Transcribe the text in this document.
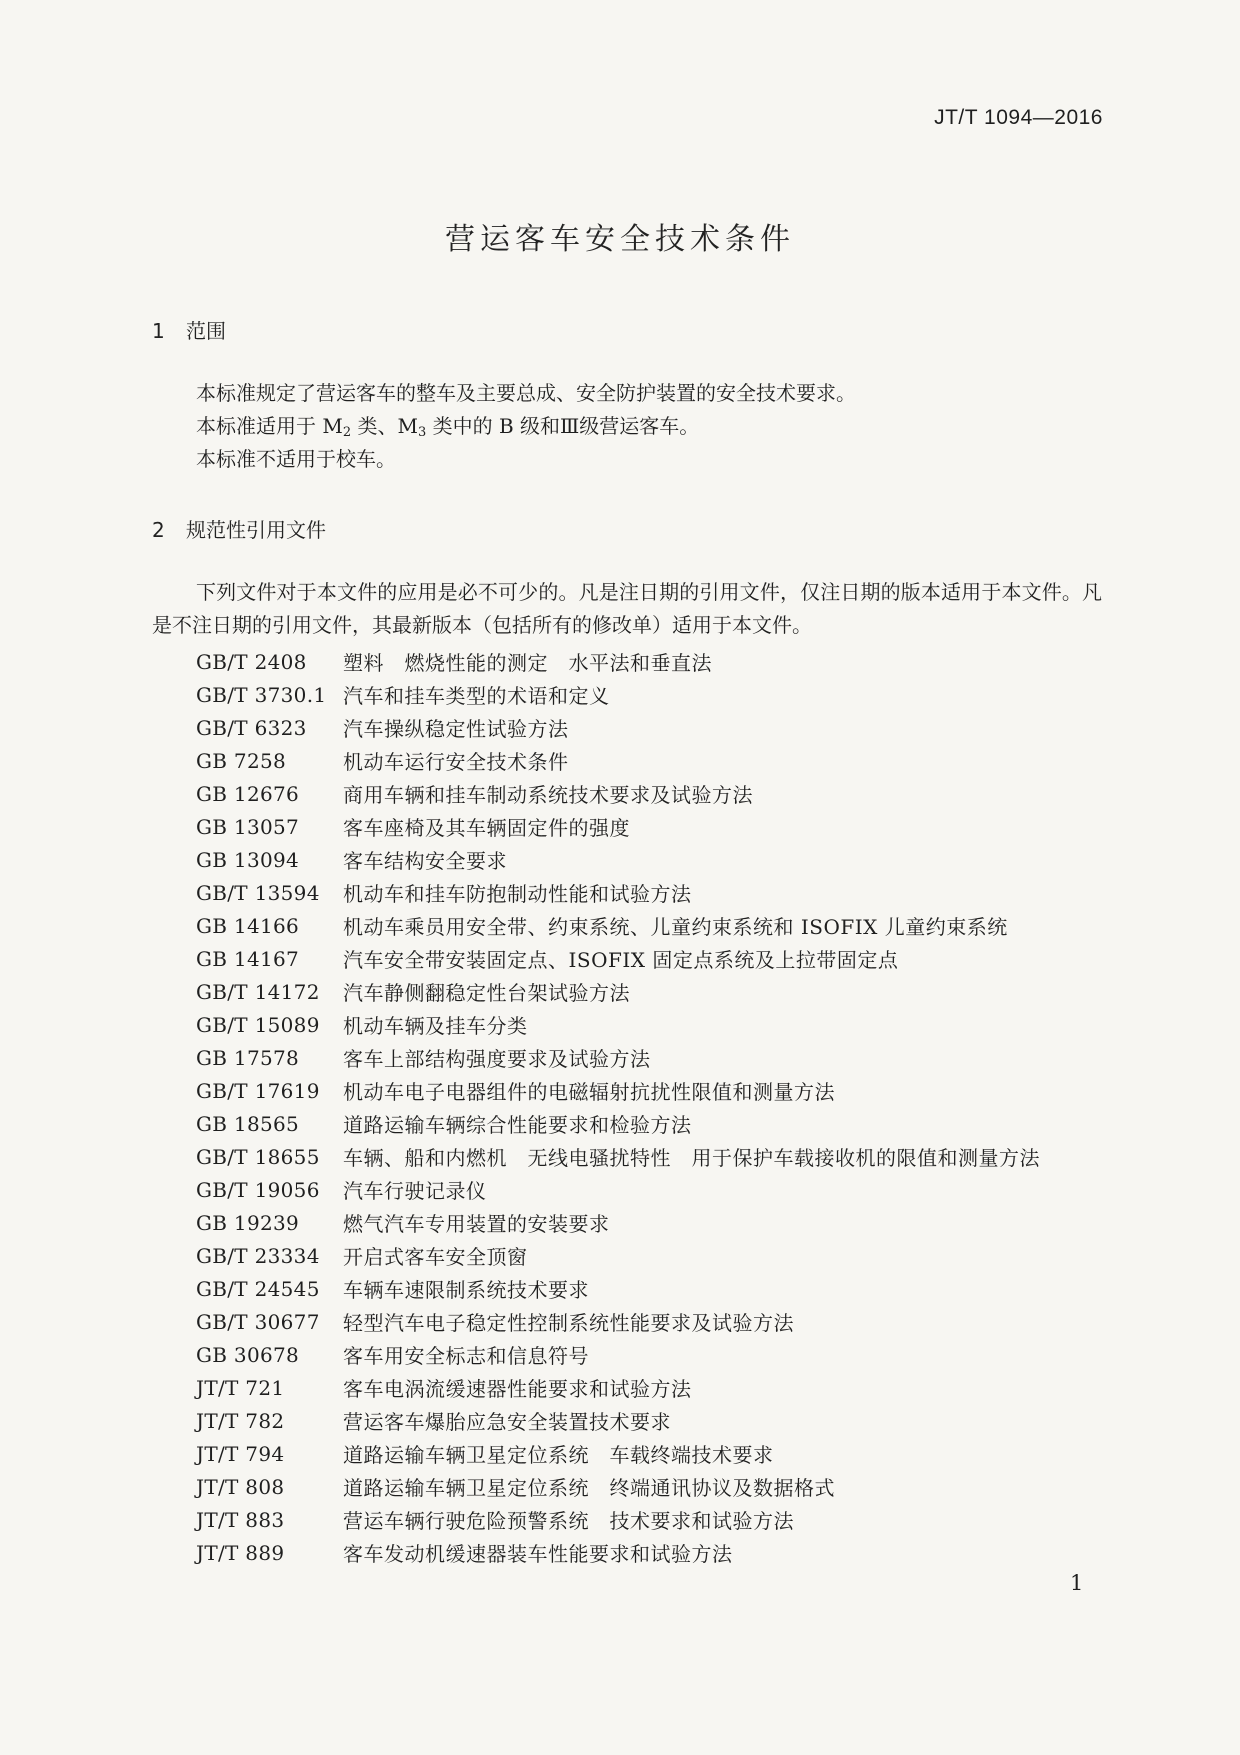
JT/T 1094—2016
营运客车安全技术条件
1 范围
本标准规定了营运客车的整车及主要总成、安全防护装置的安全技术要求。
本标准适用于 $M_2$ 类、$M_3$ 类中的 B 级和Ⅲ级营运客车。
本标准不适用于校车。
2 规范性引用文件
下列文件对于本文件的应用是必不可少的。凡是注日期的引用文件，仅注日期的版本适用于本文件。凡是不注日期的引用文件，其最新版本（包括所有的修改单）适用于本文件。
GB/T 2408	塑料　燃烧性能的测定　水平法和垂直法
GB/T 3730.1 汽车和挂车类型的术语和定义
GB/T 6323	汽车操纵稳定性试验方法
GB 7258	机动车运行安全技术条件
GB 12676	商用车辆和挂车制动系统技术要求及试验方法
GB 13057	客车座椅及其车辆固定件的强度
GB 13094	客车结构安全要求
GB/T 13594	机动车和挂车防抱制动性能和试验方法
GB 14166	机动车乘员用安全带、约束系统、儿童约束系统和 ISOFIX 儿童约束系统
GB 14167	汽车安全带安装固定点、ISOFIX 固定点系统及上拉带固定点
GB/T 14172	汽车静侧翻稳定性台架试验方法
GB/T 15089	机动车辆及挂车分类
GB 17578	客车上部结构强度要求及试验方法
GB/T 17619	机动车电子电器组件的电磁辐射抗扰性限值和测量方法
GB 18565	道路运输车辆综合性能要求和检验方法
GB/T 18655	车辆、船和内燃机　无线电骚扰特性　用于保护车载接收机的限值和测量方法
GB/T 19056	汽车行驶记录仪
GB 19239	燃气汽车专用装置的安装要求
GB/T 23334	开启式客车安全顶窗
GB/T 24545	车辆车速限制系统技术要求
GB/T 30677	轻型汽车电子稳定性控制系统性能要求及试验方法
GB 30678	客车用安全标志和信息符号
JT/T 721	客车电涡流缓速器性能要求和试验方法
JT/T 782	营运客车爆胎应急安全装置技术要求
JT/T 794	道路运输车辆卫星定位系统　车载终端技术要求
JT/T 808	道路运输车辆卫星定位系统　终端通讯协议及数据格式
JT/T 883	营运车辆行驶危险预警系统　技术要求和试验方法
JT/T 889	客车发动机缓速器装车性能要求和试验方法
1
